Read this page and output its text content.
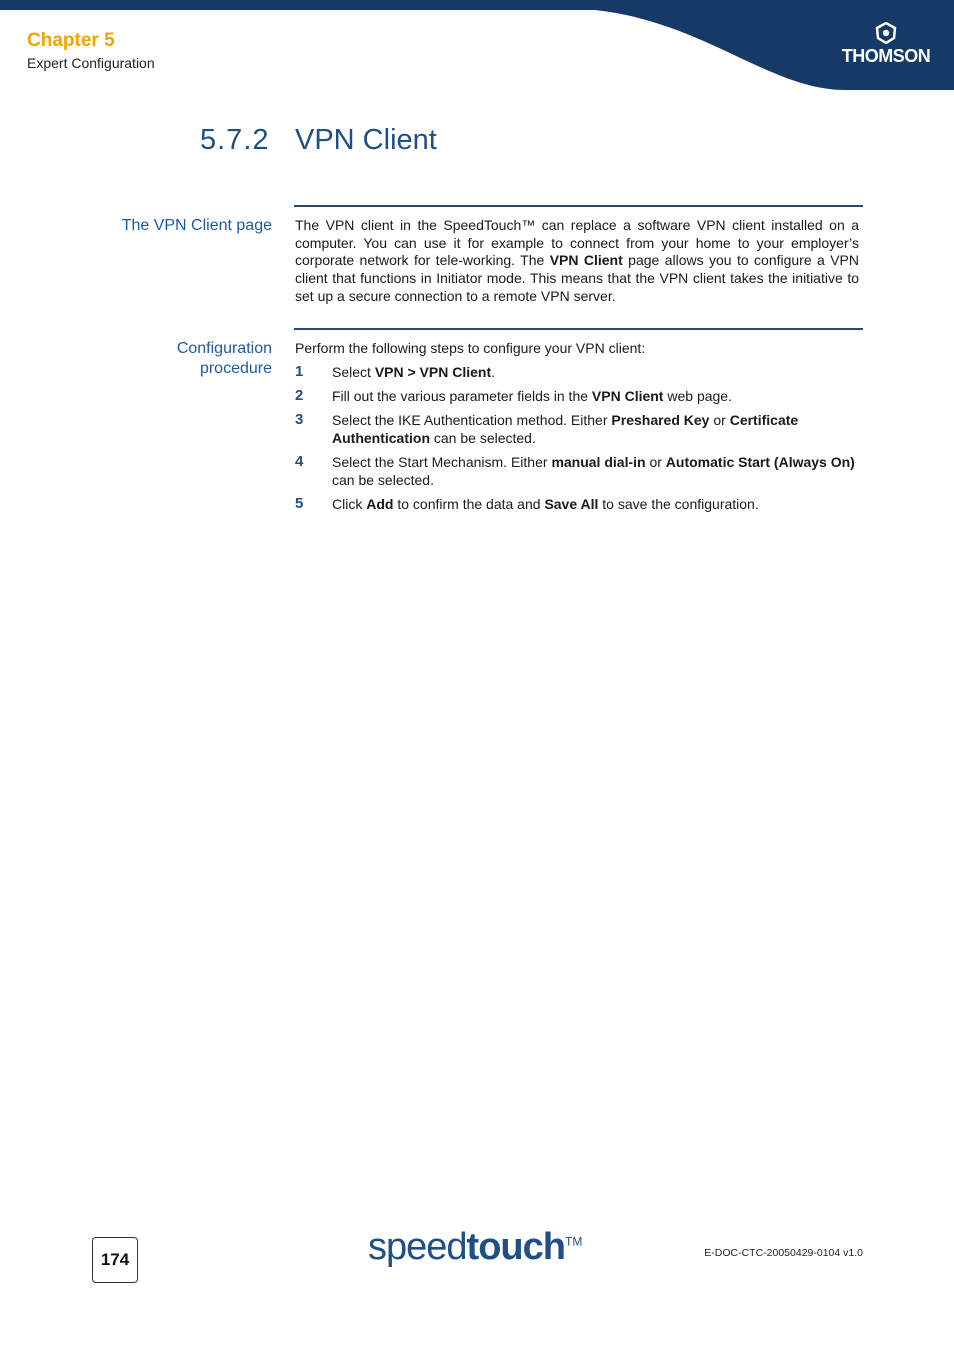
Chapter 5
Expert Configuration	THOMSON
5.7.2 VPN Client
The VPN Client page The VPN client in the SpeedTouch™ can replace a software VPN client installed on a computer. You can use it for example to connect from your home to your employer’s corporate network for tele-working. The VPN Client page allows you to configure a VPN client that functions in Initiator mode. This means that the VPN client takes the initiative to set up a secure connection to a remote VPN server.
Configuration
procedure
Perform the following steps to configure your VPN client:
1 Select VPN > VPN Client.
2 Fill out the various parameter fields in the VPN Client web page.
3 Select the IKE Authentication method. Either Preshared Key or Certificate Authentication can be selected.
4 Select the Start Mechanism. Either manual dial-in or Automatic Start (Always On) can be selected.
5 Click Add to confirm the data and Save All to save the configuration.
174	speedtouch™
E-DOC-CTC-20050429-0104 v1.0
